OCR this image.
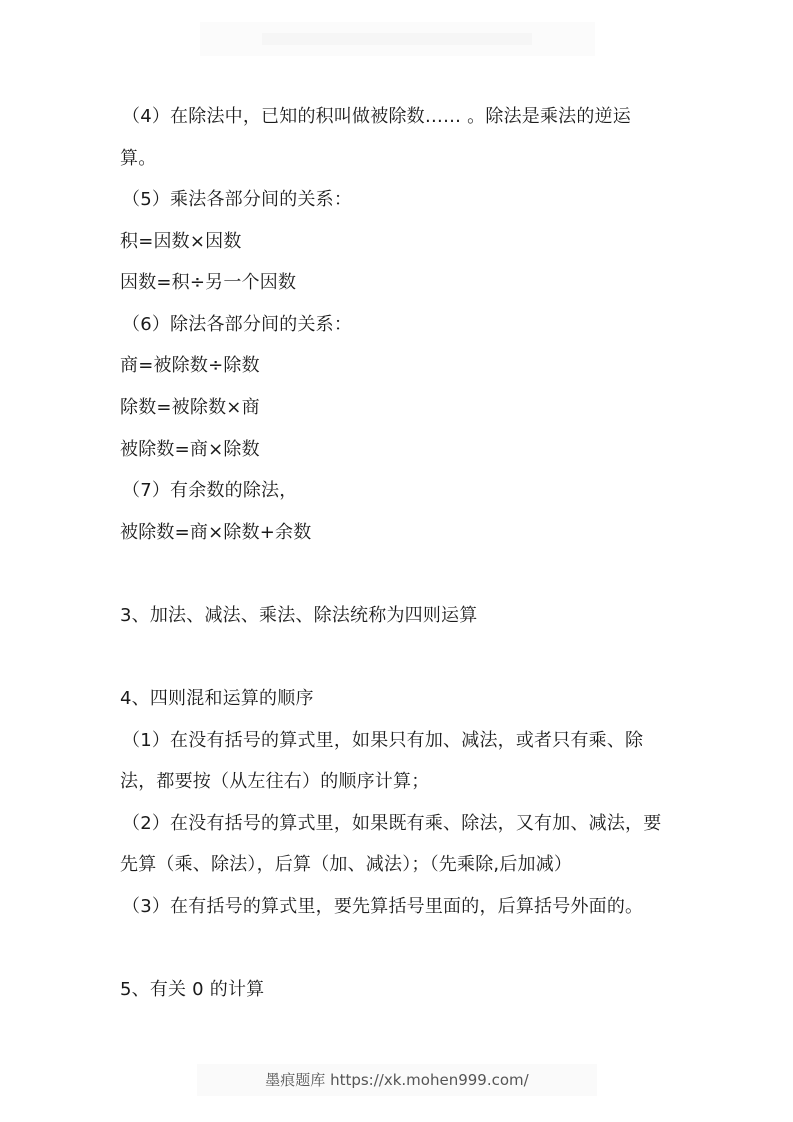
（4）在除法中，已知的积叫做被除数…… 。除法是乘法的逆运
算。
（5）乘法各部分间的关系：
积=因数×因数
因数=积÷另一个因数
（6）除法各部分间的关系：
商=被除数÷除数
除数=被除数×商
被除数=商×除数
（7）有余数的除法，
被除数=商×除数+余数
3、加法、减法、乘法、除法统称为四则运算
4、四则混和运算的顺序
（1）在没有括号的算式里，如果只有加、减法，或者只有乘、除
法，都要按（从左往右）的顺序计算；
（2）在没有括号的算式里，如果既有乘、除法，又有加、减法，要
先算（乘、除法），后算（加、减法）；（先乘除,后加减）
（3）在有括号的算式里，要先算括号里面的，后算括号外面的。
5、有关 0 的计算
墨痕题库 https://xk.mohen999.com/
